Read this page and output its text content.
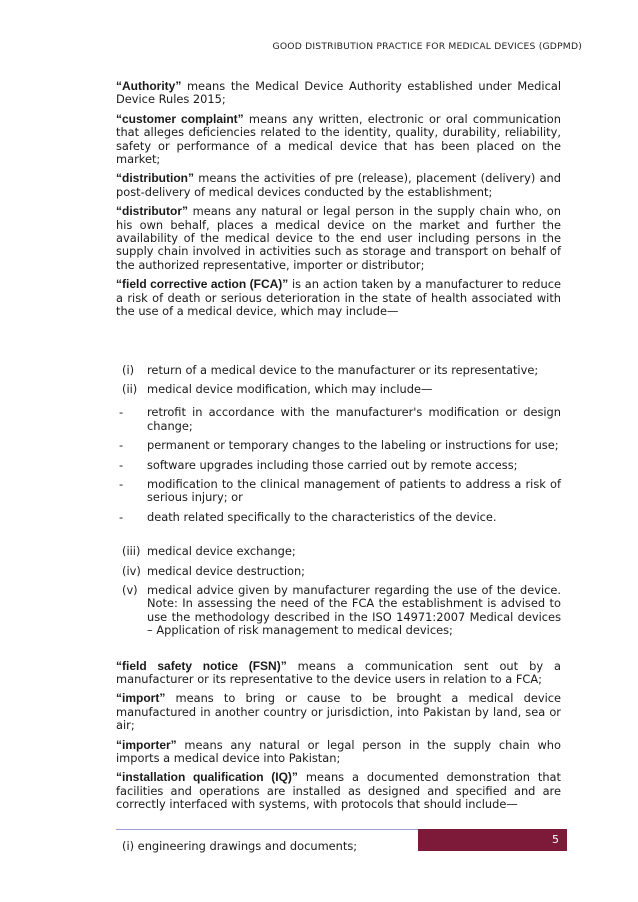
GOOD DISTRIBUTION PRACTICE FOR MEDICAL DEVICES (GDPMD)

“Authority” means the Medical Device Authority established under Medical Device Rules 2015;

“customer complaint” means any written, electronic or oral communication that alleges deficiencies related to the identity, quality, durability, reliability, safety or performance of a medical device that has been placed on the market;

“distribution” means the activities of pre (release), placement (delivery) and post-delivery of medical devices conducted by the establishment;

“distributor” means any natural or legal person in the supply chain who, on his own behalf, places a medical device on the market and further the availability of the medical device to the end user including persons in the supply chain involved in activities such as storage and transport on behalf of the authorized representative, importer or distributor;

“field corrective action (FCA)” is an action taken by a manufacturer to reduce a risk of death or serious deterioration in the state of health associated with the use of a medical device, which may include—

(i) return of a medical device to the manufacturer or its representative;
(ii) medical device modification, which may include—
- retrofit in accordance with the manufacturer's modification or design change;
- permanent or temporary changes to the labeling or instructions for use;
- software upgrades including those carried out by remote access;
- modification to the clinical management of patients to address a risk of serious injury; or
- death related specifically to the characteristics of the device.
(iii) medical device exchange;
(iv) medical device destruction;
(v) medical advice given by manufacturer regarding the use of the device. Note: In assessing the need of the FCA the establishment is advised to use the methodology described in the ISO 14971:2007 Medical devices – Application of risk management to medical devices;

“field safety notice (FSN)” means a communication sent out by a manufacturer or its representative to the device users in relation to a FCA;

“import” means to bring or cause to be brought a medical device manufactured in another country or jurisdiction, into Pakistan by land, sea or air;

“importer” means any natural or legal person in the supply chain who imports a medical device into Pakistan;

“installation qualification (IQ)” means a documented demonstration that facilities and operations are installed as designed and specified and are correctly interfaced with systems, with protocols that should include—

(i) engineering drawings and documents;	5
